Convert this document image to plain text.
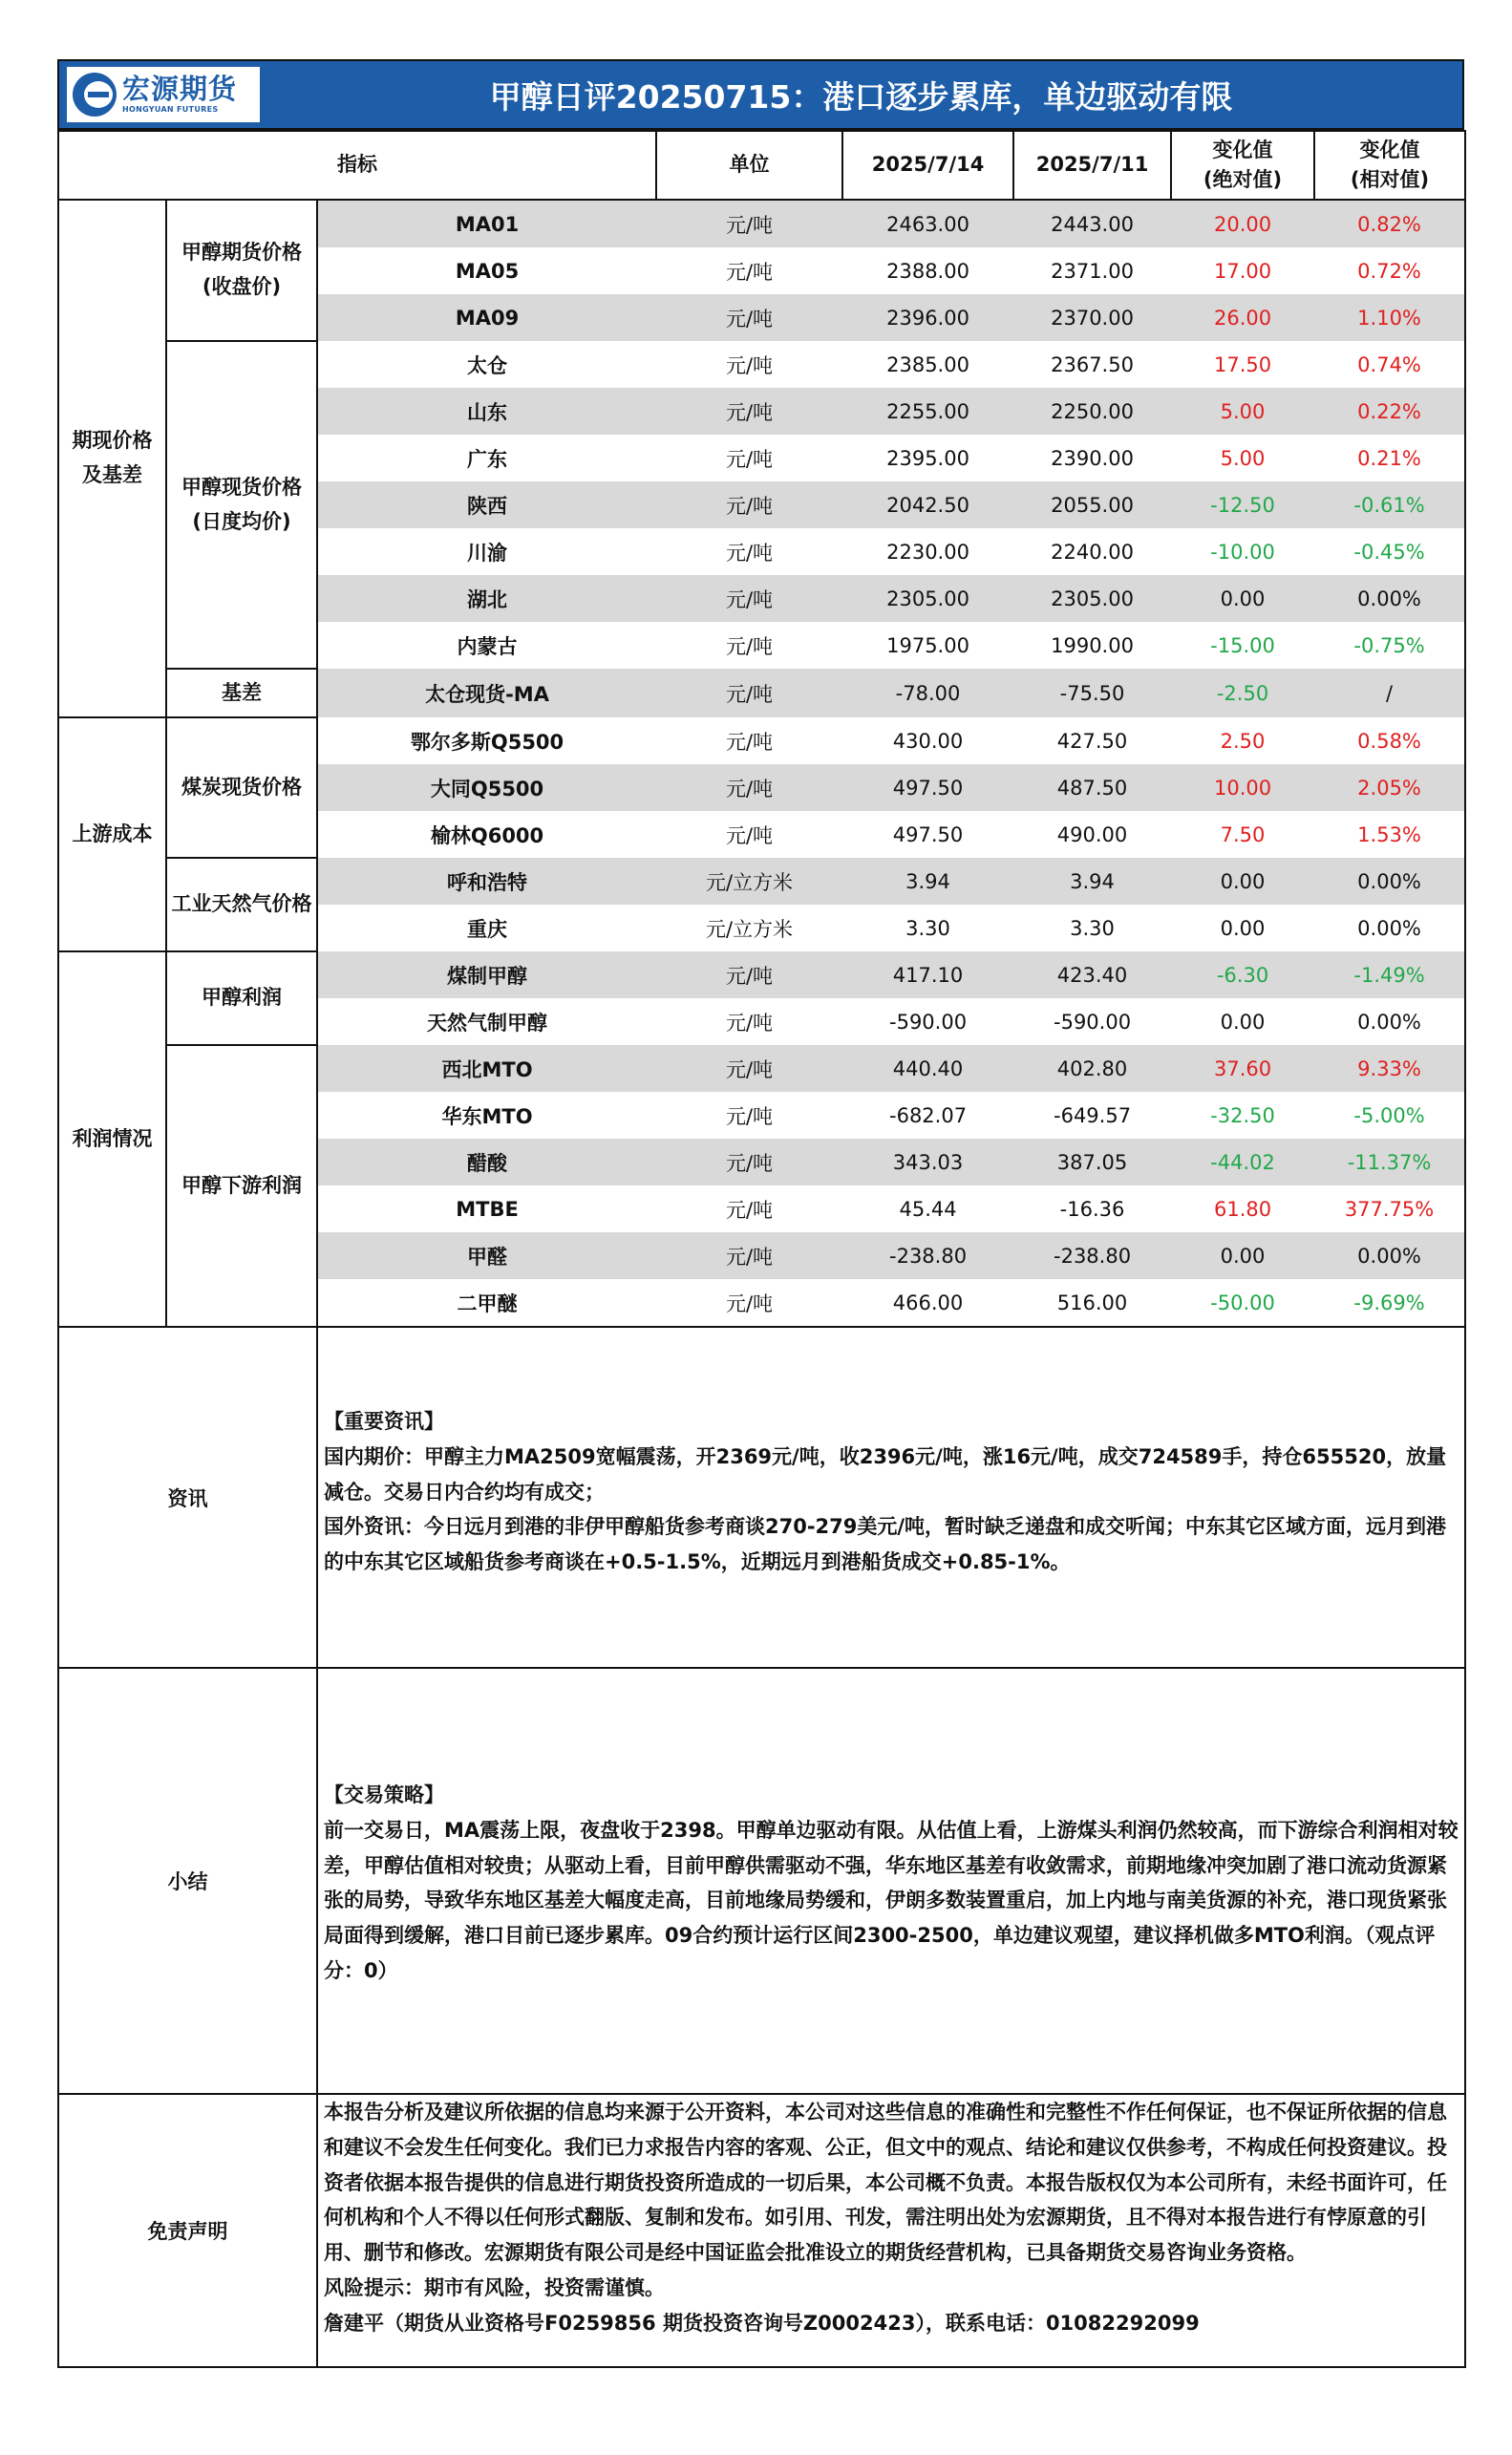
宏源期货
HONGYUAN FUTURES	甲醇日评20250715：港口逐步累库，单边驱动有限
指标			单位	2025/7/14	2025/7/11	变化值
(绝对值)	变化值
(相对值)
期现价格
及基差	甲醇期货价格
(收盘价)	MA01	元/吨	2463.00	2443.00	20.00	0.82%
		MA05	元/吨	2388.00	2371.00	17.00	0.72%
		MA09	元/吨	2396.00	2370.00	26.00	1.10%
	甲醇现货价格
(日度均价)	太仓	元/吨	2385.00	2367.50	17.50	0.74%
		山东	元/吨	2255.00	2250.00	5.00	0.22%
		广东	元/吨	2395.00	2390.00	5.00	0.21%
		陕西	元/吨	2042.50	2055.00	-12.50	-0.61%
		川渝	元/吨	2230.00	2240.00	-10.00	-0.45%
		湖北	元/吨	2305.00	2305.00	0.00	0.00%
		内蒙古	元/吨	1975.00	1990.00	-15.00	-0.75%
	基差	太仓现货-MA	元/吨	-78.00	-75.50	-2.50	/
上游成本	煤炭现货价格	鄂尔多斯Q5500	元/吨	430.00	427.50	2.50	0.58%
		大同Q5500	元/吨	497.50	487.50	10.00	2.05%
		榆林Q6000	元/吨	497.50	490.00	7.50	1.53%
	工业天然气价格	呼和浩特	元/立方米	3.94	3.94	0.00	0.00%
		重庆	元/立方米	3.30	3.30	0.00	0.00%
利润情况	甲醇利润	煤制甲醇	元/吨	417.10	423.40	-6.30	-1.49%
		天然气制甲醇	元/吨	-590.00	-590.00	0.00	0.00%
	甲醇下游利润	西北MTO	元/吨	440.40	402.80	37.60	9.33%
		华东MTO	元/吨	-682.07	-649.57	-32.50	-5.00%
		醋酸	元/吨	343.03	387.05	-44.02	-11.37%
		MTBE	元/吨	45.44	-16.36	61.80	377.75%
		甲醛	元/吨	-238.80	-238.80	0.00	0.00%
		二甲醚	元/吨	466.00	516.00	-50.00	-9.69%
资讯		【重要资讯】

国内期价：甲醇主力MA2509宽幅震荡，开2369元/吨，收2396元/吨，涨16元/吨，成交724589手，持仓655520，放量减仓。交易日内合约均有成交；

国外资讯：今日远月到港的非伊甲醇船货参考商谈270-279美元/吨，暂时缺乏递盘和成交听闻；中东其它区域方面，远月到港的中东其它区域船货参考商谈在+0.5-1.5%，近期远月到港船货成交+0.85-1%。					

小结		【交易策略】

前一交易日，MA震荡上限，夜盘收于2398。甲醇单边驱动有限。从估值上看，上游煤头利润仍然较高，而下游综合利润相对较差，甲醇估值相对较贵；从驱动上看，目前甲醇供需驱动不强，华东地区基差有收敛需求，前期地缘冲突加剧了港口流动货源紧张的局势，导致华东地区基差大幅度走高，目前地缘局势缓和，伊朗多数装置重启，加上内地与南美货源的补充，港口现货紧张局面得到缓解，港口目前已逐步累库。09合约预计运行区间2300-2500，单边建议观望，建议择机做多MTO利润。（观点评分：0）					

免责声明		本报告分析及建议所依据的信息均来源于公开资料，本公司对这些信息的准确性和完整性不作任何保证，也不保证所依据的信息和建议不会发生任何变化。我们已力求报告内容的客观、公正，但文中的观点、结论和建议仅供参考，不构成任何投资建议。投资者依据本报告提供的信息进行期货投资所造成的一切后果，本公司概不负责。本报告版权仅为本公司所有，未经书面许可，任何机构和个人不得以任何形式翻版、复制和发布。如引用、刊发，需注明出处为宏源期货，且不得对本报告进行有悖原意的引用、删节和修改。宏源期货有限公司是经中国证监会批准设立的期货经营机构，已具备期货交易咨询业务资格。

风险提示：期市有风险，投资需谨慎。

詹建平（期货从业资格号F0259856 期货投资咨询号Z0002423），联系电话：01082292099					
